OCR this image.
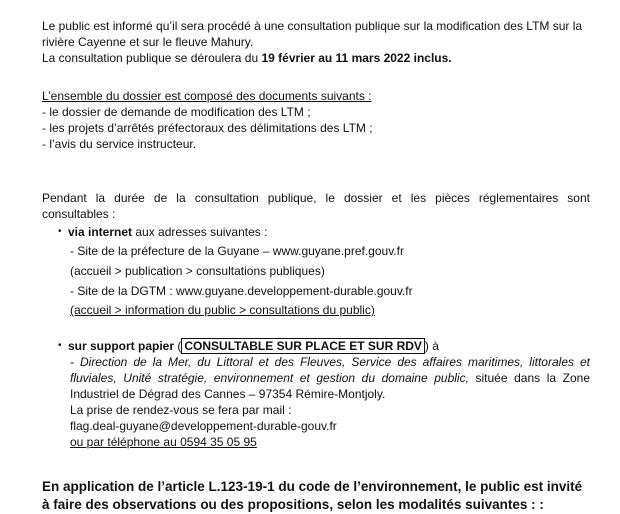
Le public est informé qu’il sera procédé à une consultation publique sur la modification des LTM sur la

rivière Cayenne et sur le fleuve Mahury.

La consultation publique se déroulera du 19 février au 11 mars 2022 inclus.

L’ensemble du dossier est composé des documents suivants :

- le dossier de demande de modification des LTM ;

- les projets d’arrêtés préfectoraux des délimitations des LTM ;

- l’avis du service instructeur.

Pendant la durée de la consultation publique, le dossier et les pièces réglementaires sont

consultables :

• via internet aux adresses suivantes :

- Site de la préfecture de la Guyane – www.guyane.pref.gouv.fr

(accueil > publication > consultations publiques)

- Site de la DGTM : www.guyane.developpement-durable.gouv.fr

(accueil > information du public > consultations du public)

• sur support papier ( CONSULTABLE SUR PLACE ET SUR RDV ) à

- Direction de la Mer, du Littoral et des Fleuves, Service des affaires maritimes, littorales et

fluviales, Unité stratégie, environnement et gestion du domaine public, située dans la Zone

Industriel de Dégrad des Cannes – 97354 Rémire-Montjoly.

La prise de rendez-vous se fera par mail :

flag.deal-guyane@developpement-durable-gouv.fr

ou par téléphone au 0594 35 05 95

En application de l’article L.123-19-1 du code de l’environnement, le public est invité

à faire des observations ou des propositions, selon les modalités suivantes : :
